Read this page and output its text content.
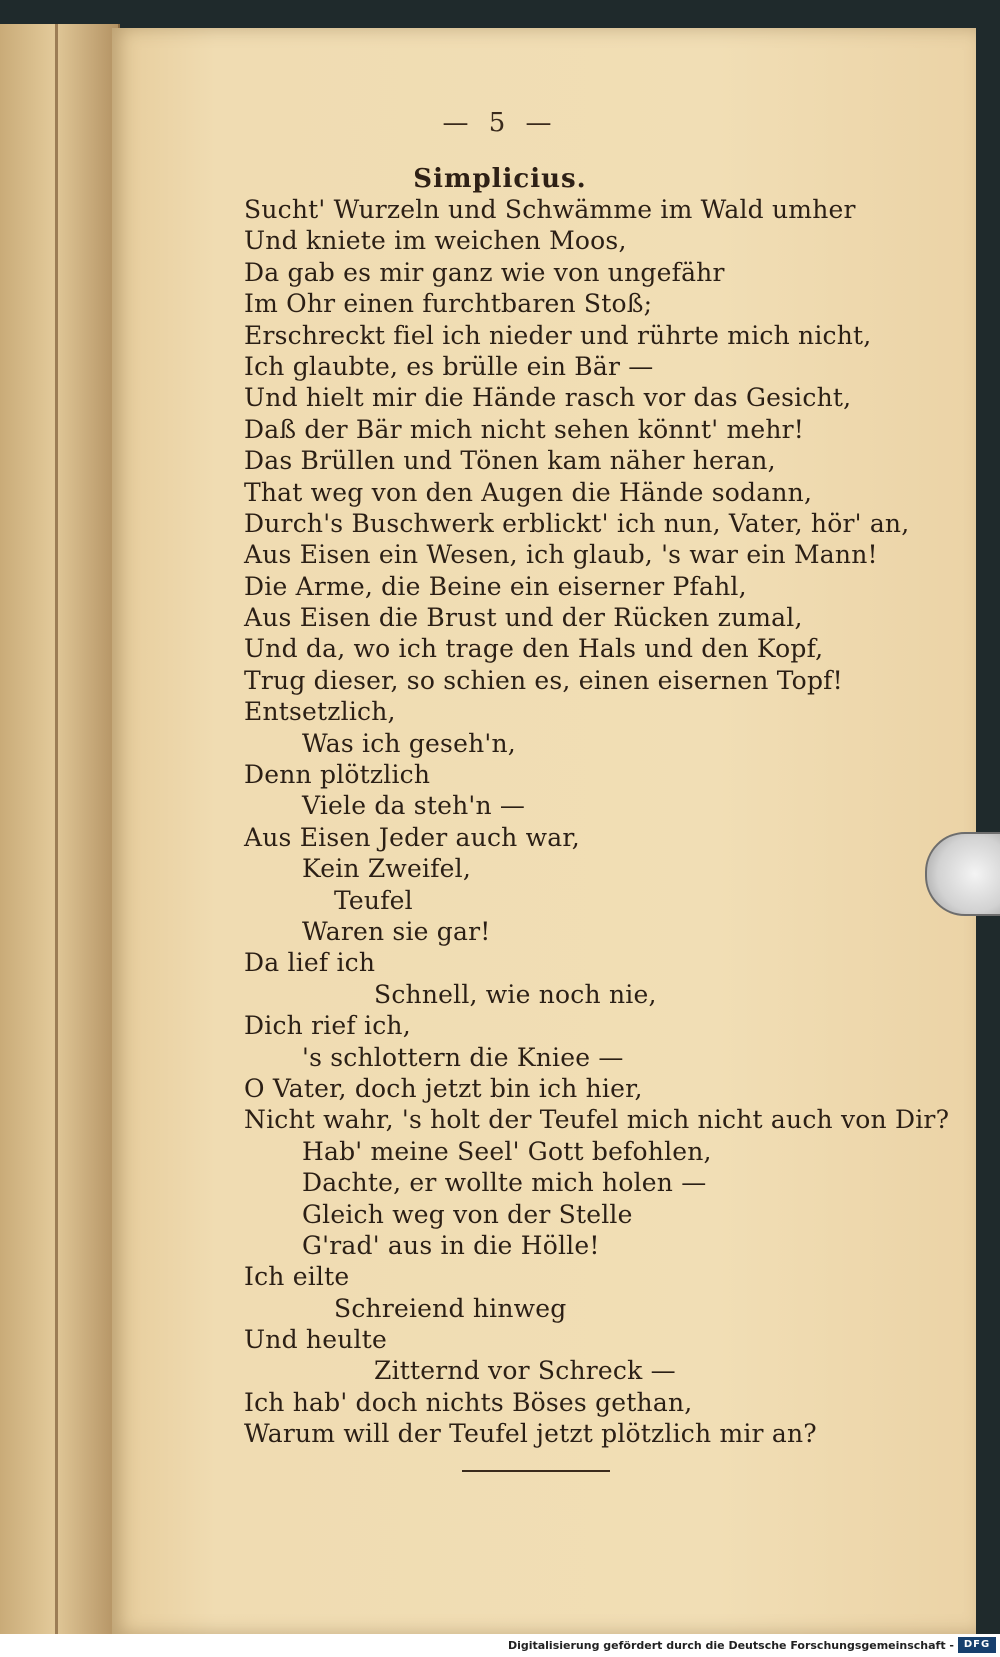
— 5 —
Simplicius.
Sucht' Wurzeln und Schwämme im Wald umher
Und kniete im weichen Moos,
Da gab es mir ganz wie von ungefähr
Im Ohr einen furchtbaren Stoß;
Erschreckt fiel ich nieder und rührte mich nicht,
Ich glaubte, es brülle ein Bär —
Und hielt mir die Hände rasch vor das Gesicht,
Daß der Bär mich nicht sehen könnt' mehr!
Das Brüllen und Tönen kam näher heran,
That weg von den Augen die Hände sodann,
Durch's Buschwerk erblickt' ich nun, Vater, hör' an,
Aus Eisen ein Wesen, ich glaub, 's war ein Mann!
Die Arme, die Beine ein eiserner Pfahl,
Aus Eisen die Brust und der Rücken zumal,
Und da, wo ich trage den Hals und den Kopf,
Trug dieser, so schien es, einen eisernen Topf!
Entsetzlich,
Was ich geseh'n,
Denn plötzlich
Viele da steh'n —
Aus Eisen Jeder auch war,
Kein Zweifel,
Teufel
Waren sie gar!
Da lief ich
Schnell, wie noch nie,
Dich rief ich,
's schlottern die Kniee —
O Vater, doch jetzt bin ich hier,
Nicht wahr, 's holt der Teufel mich nicht auch von Dir?
Hab' meine Seel' Gott befohlen,
Dachte, er wollte mich holen —
Gleich weg von der Stelle
G'rad' aus in die Hölle!
Ich eilte
Schreiend hinweg
Und heulte
Zitternd vor Schreck —
Ich hab' doch nichts Böses gethan,
Warum will der Teufel jetzt plötzlich mir an?
Digitalisierung gefördert durch die Deutsche Forschungsgemeinschaft - DFG
